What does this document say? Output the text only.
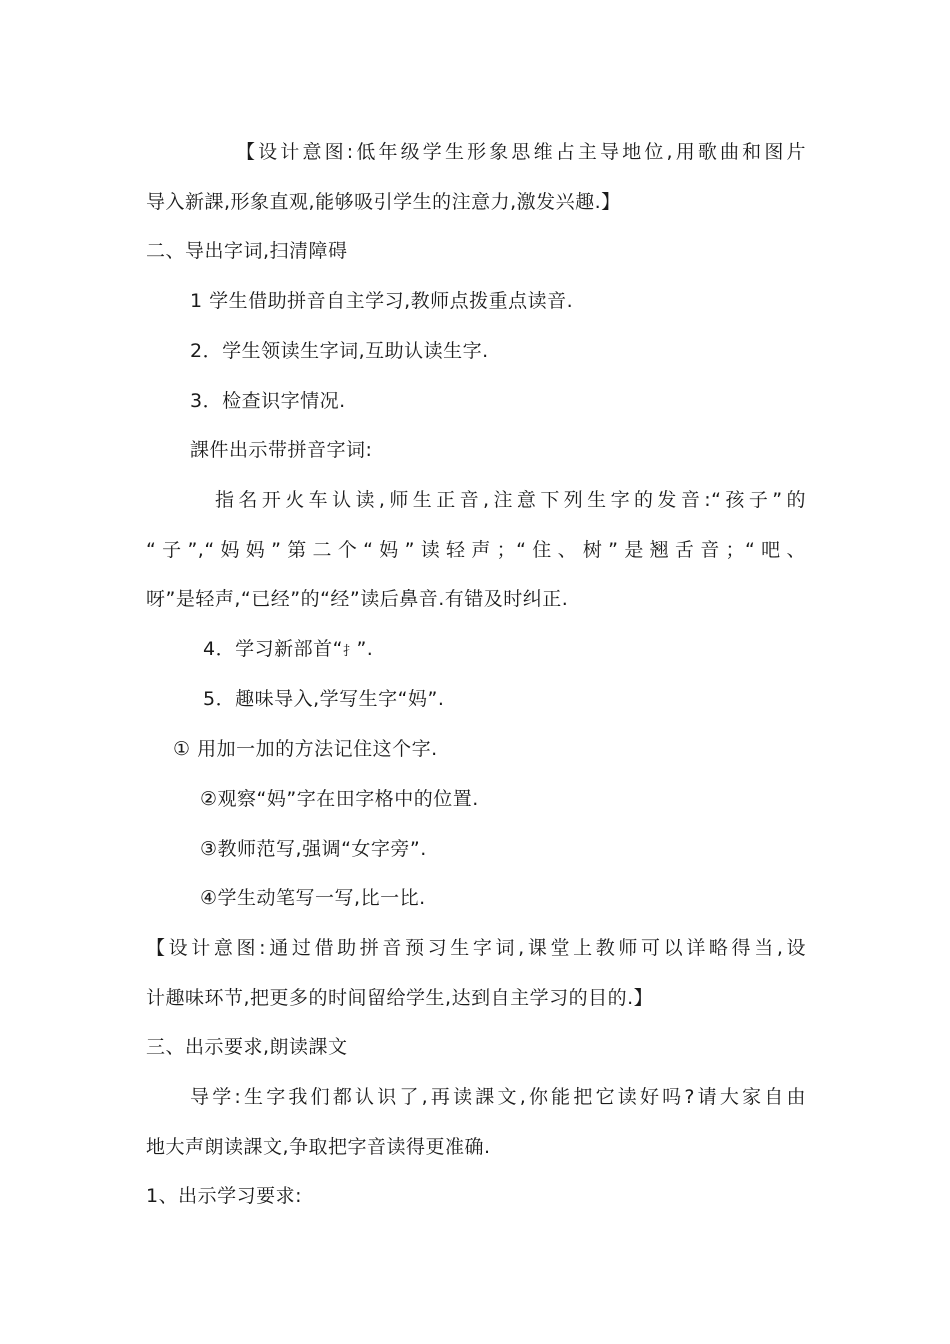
【设计意图:低年级学生形象思维占主导地位,用歌曲和图片

导入新課,形象直观,能够吸引学生的注意力,激发兴趣.】

二、导出字词,扫清障碍

1 学生借助拼音自主学习,教师点拨重点读音.

2．学生领读生字词,互助认读生字.

3．检查识字情况.

課件出示带拼音字词:

指名开火车认读,师生正音,注意下列生字的发音:“孩子”的

“子”,“妈妈”第二个“妈”读轻声；“住、树”是翘舌音；“吧、

呀”是轻声,“已经”的“经”读后鼻音.有错及时纠正.

4．学习新部首“扌”.

5．趣味导入,学写生字“妈”.

① 用加一加的方法记住这个字.

②观察“妈”字在田字格中的位置.

③教师范写,强调“女字旁”.

④学生动笔写一写,比一比.

【设计意图:通过借助拼音预习生字词,课堂上教师可以详略得当,设

计趣味环节,把更多的时间留给学生,达到自主学习的目的.】

三、出示要求,朗读課文

导学:生字我们都认识了,再读課文,你能把它读好吗?请大家自由

地大声朗读課文,争取把字音读得更准确.

1、出示学习要求:
